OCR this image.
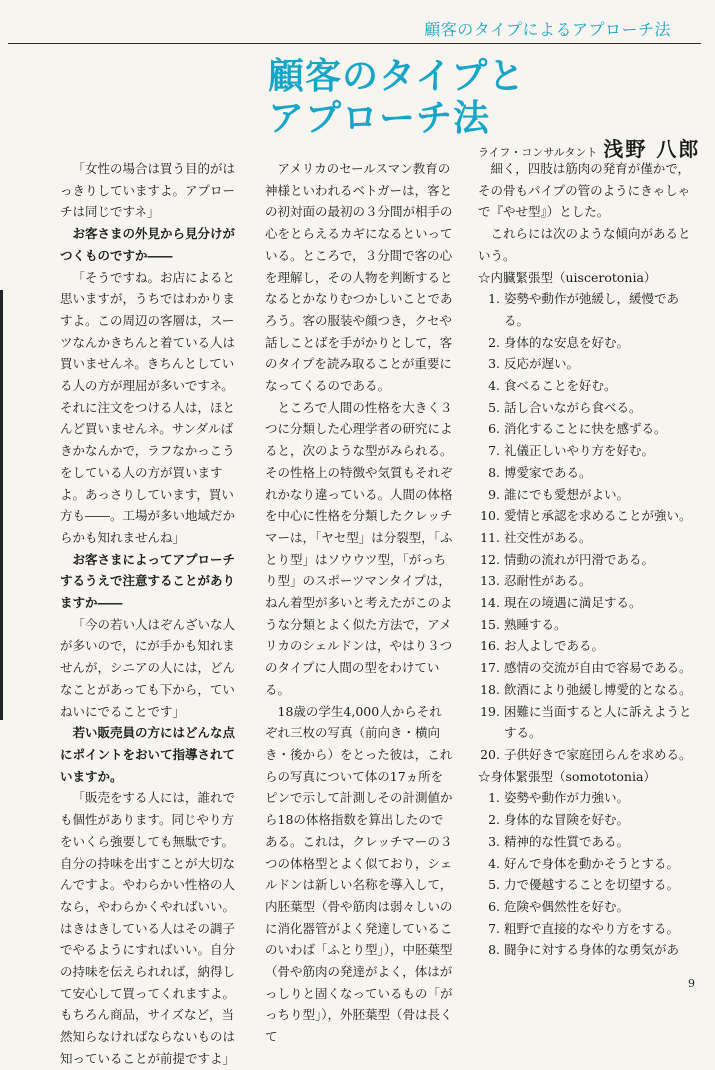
顧客のタイプによるアプローチ法
顧客のタイプと
アプローチ法
ライフ・コンサルタント 浅野 八郎

「女性の場合は買う目的がはっきりしていますよ。アプローチは同じですネ」

お客さまの外見から見分けがつくものですか――

「そうですね。お店によると思いますが，うちではわかりますよ。この周辺の客層は，スーツなんかきちんと着ている人は買いませんネ。きちんとしている人の方が理屈が多いですネ。それに注文をつける人は，ほとんど買いませんネ。サンダルばきかなんかで，ラフなかっこうをしている人の方が買いますよ。あっさりしています，買い方も――。工場が多い地域だからかも知れませんね」

お客さまによってアプローチするうえで注意することがありますか――

「今の若い人はぞんざいな人が多いので，にが手かも知れませんが，シニアの人には，どんなことがあっても下から，ていねいにでることです」

若い販売員の方にはどんな点にポイントをおいて指導されていますか。

「販売をする人には，誰れでも個性があります。同じやり方をいくら強要しても無駄です。自分の持味を出すことが大切なんですよ。やわらかい性格の人なら，やわらかくやればいい。はきはきしている人はその調子でやるようにすればいい。自分の持味を伝えられれば，納得して安心して買ってくれますよ。もちろん商品，サイズなど，当然知らなければならないものは知っていることが前提ですよ」

アメリカのセールスマン教育の神様といわれるベトガーは，客との初対面の最初の３分間が相手の心をとらえるカギになるといっている。ところで，３分間で客の心を理解し，その人物を判断するとなるとかなりむつかしいことであろう。客の服装や顔つき，クセや話しことばを手がかりとして，客のタイプを読み取ることが重要になってくるのである。

ところで人間の性格を大きく３つに分類した心理学者の研究によると，次のような型がみられる。その性格上の特徴や気質もそれぞれかなり違っている。人間の体格を中心に性格を分類したクレッチマーは，「ヤセ型」は分裂型，「ふとり型」はソウウツ型，「がっちり型」のスポーツマンタイプは，ねん着型が多いと考えたがこのような分類とよく似た方法で，アメリカのシェルドンは，やはり３つのタイプに人間の型をわけている。

18歳の学生4,000人からそれぞれ三枚の写真（前向き・横向き・後から）をとった彼は，これらの写真について体の17ヵ所をピンで示して計測しその計測値から18の体格指数を算出したのである。これは，クレッチマーの３つの体格型とよく似ており，シェルドンは新しい名称を導入して，内胚葉型（骨や筋肉は弱々しいのに消化器管がよく発達しているこのいわば「ふとり型」），中胚葉型（骨や筋肉の発達がよく，体はがっしりと固くなっているもの「がっちり型」），外胚葉型（骨は長くて

細く，四肢は筋肉の発育が僅かで，その骨もパイプの管のようにきゃしゃで『やせ型』）とした。

これらには次のような傾向があるという。

☆内臓緊張型（uiscerotonia）
1. 姿勢や動作が弛緩し，緩慢である。
2. 身体的な安息を好む。
3. 反応が遅い。
4. 食べることを好む。
5. 話し合いながら食べる。
6. 消化することに快を感ずる。
7. 礼儀正しいやり方を好む。
8. 博愛家である。
9. 誰にでも愛想がよい。
10. 愛情と承認を求めることが強い。
11. 社交性がある。
12. 情動の流れが円滑である。
13. 忍耐性がある。
14. 現在の境遇に満足する。
15. 熟睡する。
16. お人よしである。
17. 感情の交流が自由で容易である。
18. 飲酒により弛緩し博愛的となる。
19. 困難に当面すると人に訴えようとする。
20. 子供好きで家庭団らんを求める。
☆身体緊張型（somototonia）
1. 姿勢や動作が力強い。
2. 身体的な冒険を好む。
3. 精神的な性質である。
4. 好んで身体を動かそうとする。
5. 力で優越することを切望する。
6. 危険や偶然性を好む。
7. 粗野で直接的なやり方をする。
8. 闘争に対する身体的な勇気があ
9
